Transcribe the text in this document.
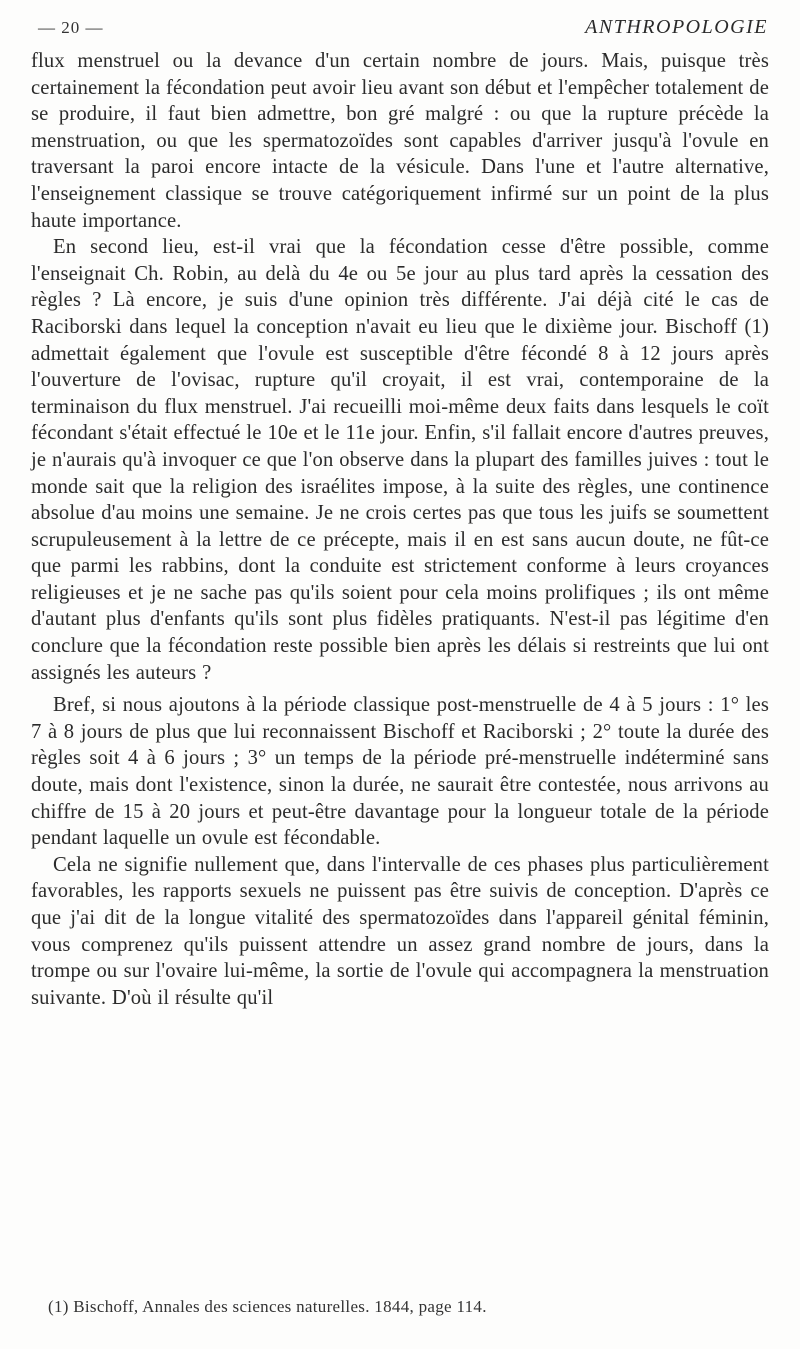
— 20 —	ANTHROPOLOGIE

flux menstruel ou la devance d'un certain nombre de jours. Mais, puisque très certainement la fécondation peut avoir lieu avant son début et l'empêcher totalement de se produire, il faut bien admettre, bon gré malgré : ou que la rupture précède la menstruation, ou que les spermatozoïdes sont capables d'arriver jusqu'à l'ovule en traversant la paroi encore intacte de la vésicule. Dans l'une et l'autre alternative, l'enseignement classique se trouve catégoriquement infirmé sur un point de la plus haute importance.

En second lieu, est-il vrai que la fécondation cesse d'être possible, comme l'enseignait Ch. Robin, au delà du 4e ou 5e jour au plus tard après la cessation des règles ? Là encore, je suis d'une opinion très différente. J'ai déjà cité le cas de Raciborski dans lequel la conception n'avait eu lieu que le dixième jour. Bischoff (1) admettait également que l'ovule est susceptible d'être fécondé 8 à 12 jours après l'ouverture de l'ovisac, rupture qu'il croyait, il est vrai, contemporaine de la terminaison du flux menstruel. J'ai recueilli moi-même deux faits dans lesquels le coït fécondant s'était effectué le 10e et le 11e jour. Enfin, s'il fallait encore d'autres preuves, je n'aurais qu'à invoquer ce que l'on observe dans la plupart des familles juives : tout le monde sait que la religion des israélites impose, à la suite des règles, une continence absolue d'au moins une semaine. Je ne crois certes pas que tous les juifs se soumettent scrupuleusement à la lettre de ce précepte, mais il en est sans aucun doute, ne fût-ce que parmi les rabbins, dont la conduite est strictement conforme à leurs croyances religieuses et je ne sache pas qu'ils soient pour cela moins prolifiques ; ils ont même d'autant plus d'enfants qu'ils sont plus fidèles pratiquants. N'est-il pas légitime d'en conclure que la fécondation reste possible bien après les délais si restreints que lui ont assignés les auteurs ?

Bref, si nous ajoutons à la période classique post-menstruelle de 4 à 5 jours : 1° les 7 à 8 jours de plus que lui reconnaissent Bischoff et Raciborski ; 2° toute la durée des règles soit 4 à 6 jours ; 3° un temps de la période pré-menstruelle indéterminé sans doute, mais dont l'existence, sinon la durée, ne saurait être contestée, nous arrivons au chiffre de 15 à 20 jours et peut-être davantage pour la longueur totale de la période pendant laquelle un ovule est fécondable.

Cela ne signifie nullement que, dans l'intervalle de ces phases plus particulièrement favorables, les rapports sexuels ne puissent pas être suivis de conception. D'après ce que j'ai dit de la longue vitalité des spermatozoïdes dans l'appareil génital féminin, vous comprenez qu'ils puissent attendre un assez grand nombre de jours, dans la trompe ou sur l'ovaire lui-même, la sortie de l'ovule qui accompagnera la menstruation suivante. D'où il résulte qu'il

(1) Bischoff, Annales des sciences naturelles. 1844, page 114.
